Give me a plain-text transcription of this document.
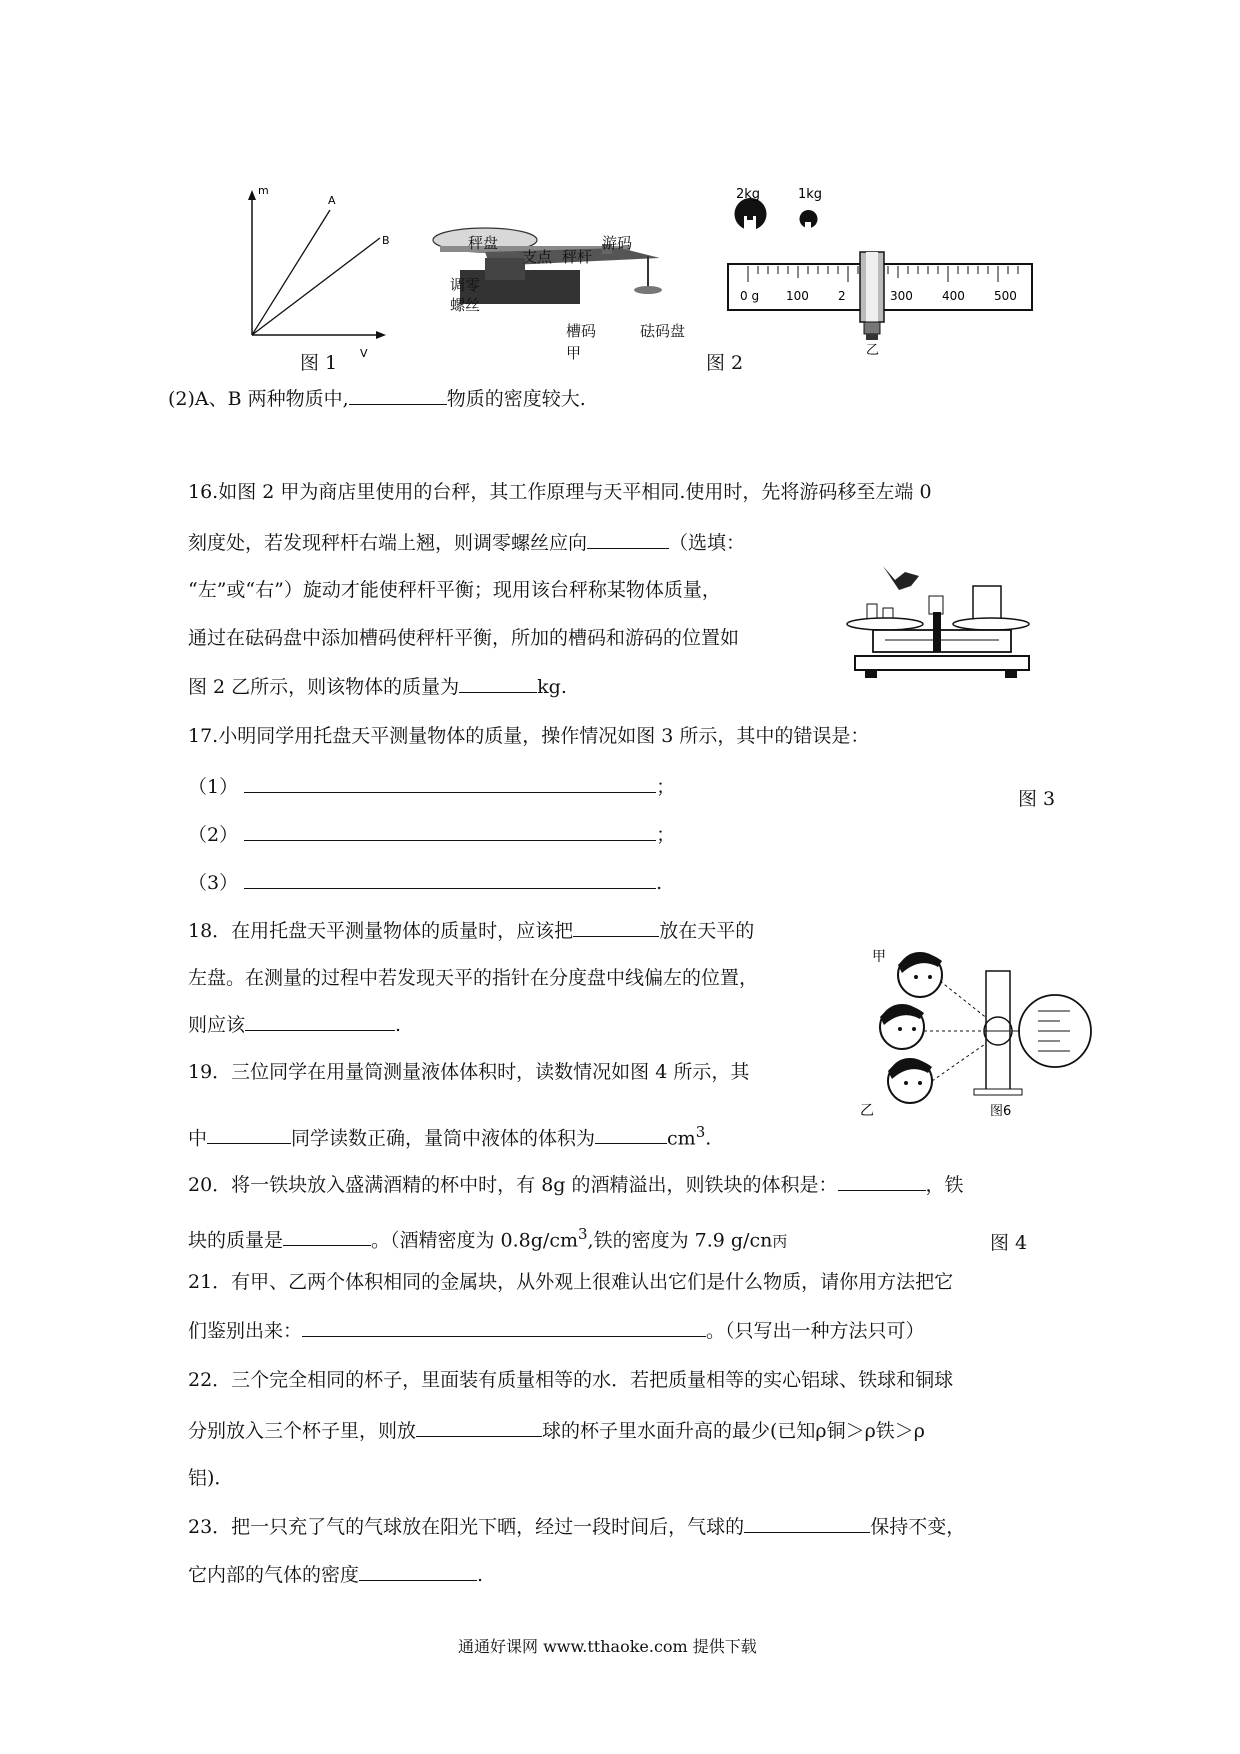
m
A
B
V
图 1
秤盘
支点 秤杆
游码
调零
螺丝
槽码	砝码盘
甲	图 2
2kg	1kg
0 g 100 2	300 400 500
乙
(2)A、B 两种物质中,	物质的密度较大.
16.如图 2 甲为商店里使用的台秤，其工作原理与天平相同.使用时，先将游码移至左端 0
刻度处，若发现秤杆右端上翘，则调零螺丝应向	（选填：
“左”或“右”）旋动才能使秤杆平衡；现用该台秤称某物体质量，
通过在砝码盘中添加槽码使秤杆平衡，所加的槽码和游码的位置如
图 2 乙所示，则该物体的质量为	kg.
17.小明同学用托盘天平测量物体的质量，操作情况如图 3 所示，其中的错误是：
（1）	；
图 3
（2）	；
（3）	.
18．在用托盘天平测量物体的质量时，应该把	放在天平的
左盘。在测量的过程中若发现天平的指针在分度盘中线偏左的位置，
则应该	.
甲
乙	图6
19．三位同学在用量筒测量液体体积时，读数情况如图 4 所示，其
中	同学读数正确，量筒中液体的体积为	$cm^3$.
20．将一铁块放入盛满酒精的杯中时，有 8g 的酒精溢出，则铁块的体积是：	，铁
块的质量是	。（酒精密度为 $0.8g/cm^3$,铁的密度为 7.9 g/cn丙	图 4
21．有甲、乙两个体积相同的金属块，从外观上很难认出它们是什么物质，请你用方法把它
们鉴别出来：	。（只写出一种方法只可）
22．三个完全相同的杯子，里面装有质量相等的水．若把质量相等的实心铝球、铁球和铜球
分别放入三个杯子里，则放	球的杯子里水面升高的最少(已知ρ铜＞ρ铁＞ρ
铝)．
23．把一只充了气的气球放在阳光下晒，经过一段时间后，气球的	保持不变，
它内部的气体的密度	.
通通好课网 www.tthaoke.com 提供下载
